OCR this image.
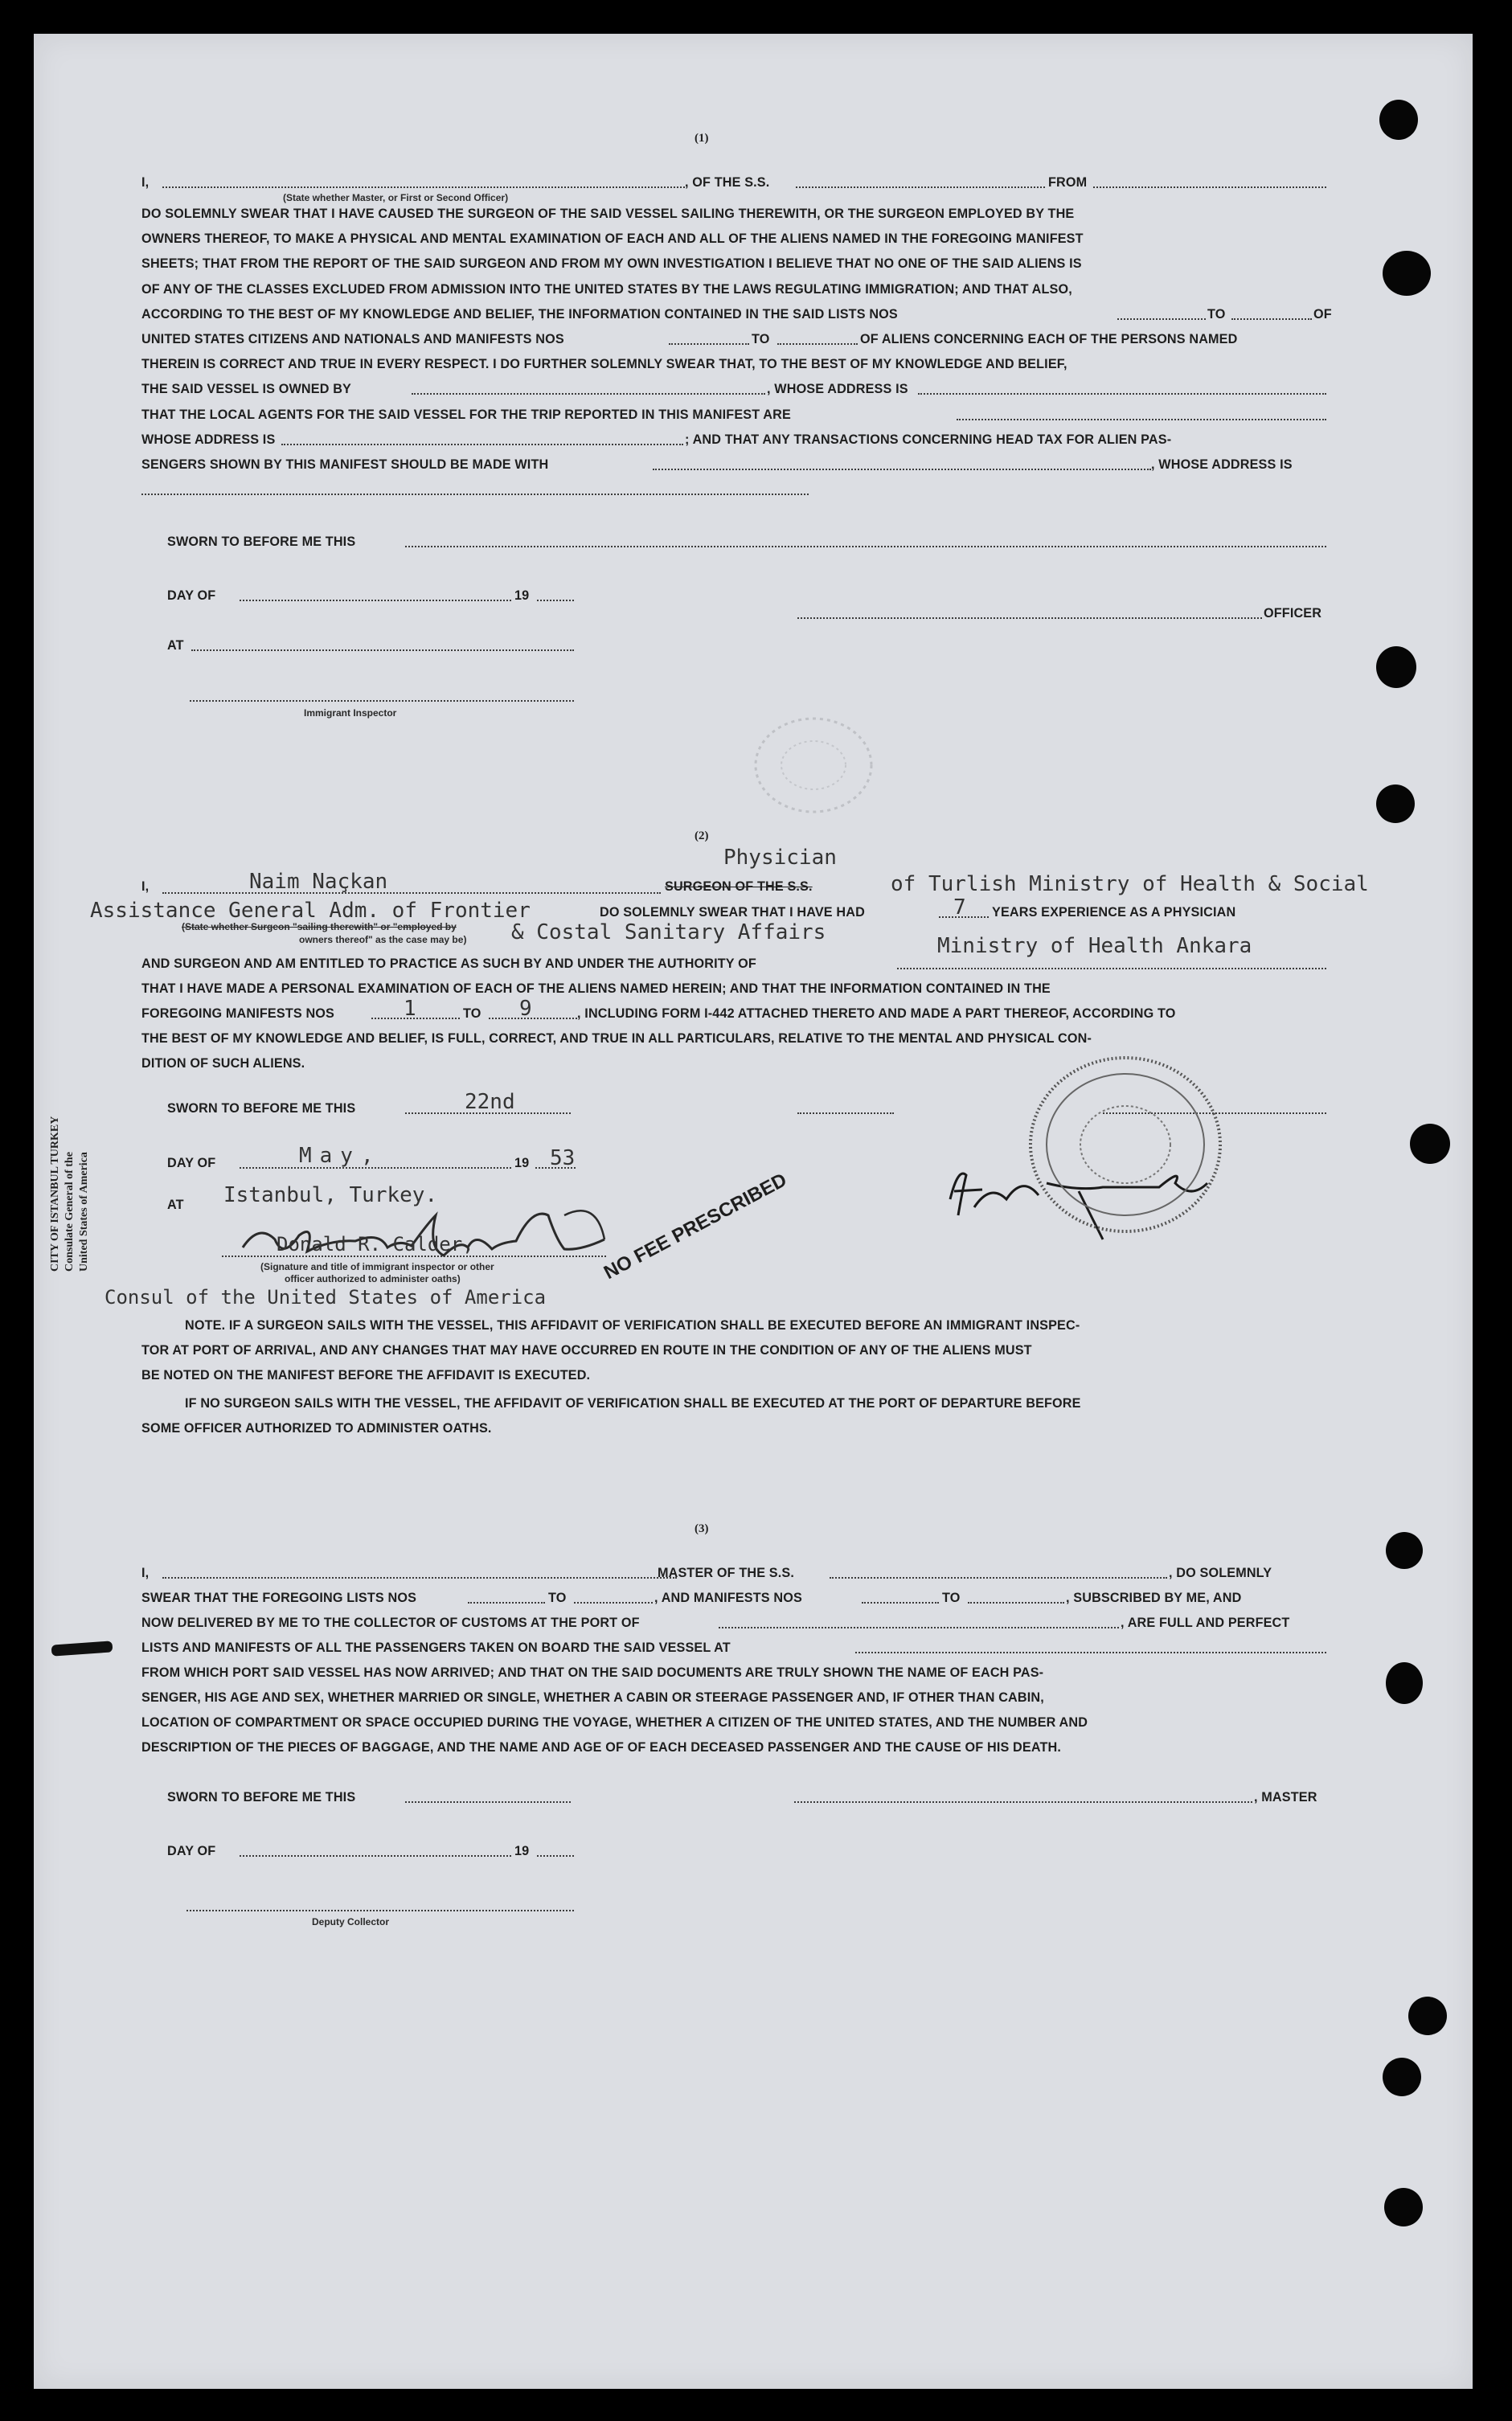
(1)
I,	, OF THE S.S.	FROM
(State whether Master, or First or Second Officer)
DO SOLEMNLY SWEAR THAT I HAVE CAUSED THE SURGEON OF THE SAID VESSEL SAILING THEREWITH, OR THE SURGEON EMPLOYED BY THE
OWNERS THEREOF, TO MAKE A PHYSICAL AND MENTAL EXAMINATION OF EACH AND ALL OF THE ALIENS NAMED IN THE FOREGOING MANIFEST
SHEETS; THAT FROM THE REPORT OF THE SAID SURGEON AND FROM MY OWN INVESTIGATION I BELIEVE THAT NO ONE OF THE SAID ALIENS IS
OF ANY OF THE CLASSES EXCLUDED FROM ADMISSION INTO THE UNITED STATES BY THE LAWS REGULATING IMMIGRATION; AND THAT ALSO,
ACCORDING TO THE BEST OF MY KNOWLEDGE AND BELIEF, THE INFORMATION CONTAINED IN THE SAID LISTS NOS	TO	OF
UNITED STATES CITIZENS AND NATIONALS AND MANIFESTS NOS	TO	OF ALIENS CONCERNING EACH OF THE PERSONS NAMED
THEREIN IS CORRECT AND TRUE IN EVERY RESPECT. I DO FURTHER SOLEMNLY SWEAR THAT, TO THE BEST OF MY KNOWLEDGE AND BELIEF,
THE SAID VESSEL IS OWNED BY	, WHOSE ADDRESS IS
THAT THE LOCAL AGENTS FOR THE SAID VESSEL FOR THE TRIP REPORTED IN THIS MANIFEST ARE
WHOSE ADDRESS IS	; AND THAT ANY TRANSACTIONS CONCERNING HEAD TAX FOR ALIEN PAS-
SENGERS SHOWN BY THIS MANIFEST SHOULD BE MADE WITH	, WHOSE ADDRESS IS
SWORN TO BEFORE ME THIS
DAY OF	19
OFFICER
AT
Immigrant Inspector
(2)
Physician
I,	Naim Naçkan	SURGEON OF THE S.S.	of Turlish Ministry of Health & Social
Assistance General Adm. of Frontier	DO SOLEMNLY SWEAR THAT I HAVE HAD	7 YEARS EXPERIENCE AS A PHYSICIAN
(State whether Surgeon "sailing therewith" or "employed by
owners thereof" as the case may be) & Costal Sanitary Affairs
AND SURGEON AND AM ENTITLED TO PRACTICE AS SUCH BY AND UNDER THE AUTHORITY OF
Ministry of Health Ankara
THAT I HAVE MADE A PERSONAL EXAMINATION OF EACH OF THE ALIENS NAMED HEREIN; AND THAT THE INFORMATION CONTAINED IN THE
FOREGOING MANIFESTS NOS	1	TO 9	, INCLUDING FORM I-442 ATTACHED THERETO AND MADE A PART THEREOF, ACCORDING TO
THE BEST OF MY KNOWLEDGE AND BELIEF, IS FULL, CORRECT, AND TRUE IN ALL PARTICULARS, RELATIVE TO THE MENTAL AND PHYSICAL CON-
DITION OF SUCH ALIENS.
SWORN TO BEFORE ME THIS	22nd
DAY OF	May,	19 53
AT Istanbul, Turkey.
Donald R. Calder,
(Signature and title of immigrant inspector or other
officer authorized to administer oaths)
Consul of the United States of America
NO FEE PRESCRIBED
CITY OF ISTANBUL TURKEY Consulate General of the United States of America
NOTE. IF A SURGEON SAILS WITH THE VESSEL, THIS AFFIDAVIT OF VERIFICATION SHALL BE EXECUTED BEFORE AN IMMIGRANT INSPEC-
TOR AT PORT OF ARRIVAL, AND ANY CHANGES THAT MAY HAVE OCCURRED EN ROUTE IN THE CONDITION OF ANY OF THE ALIENS MUST
BE NOTED ON THE MANIFEST BEFORE THE AFFIDAVIT IS EXECUTED.
IF NO SURGEON SAILS WITH THE VESSEL, THE AFFIDAVIT OF VERIFICATION SHALL BE EXECUTED AT THE PORT OF DEPARTURE BEFORE
SOME OFFICER AUTHORIZED TO ADMINISTER OATHS.
(3)
I,	MASTER OF THE S.S.	, DO SOLEMNLY
SWEAR THAT THE FOREGOING LISTS NOS	TO	, AND MANIFESTS NOS	TO	, SUBSCRIBED BY ME, AND
NOW DELIVERED BY ME TO THE COLLECTOR OF CUSTOMS AT THE PORT OF	, ARE FULL AND PERFECT
LISTS AND MANIFESTS OF ALL THE PASSENGERS TAKEN ON BOARD THE SAID VESSEL AT
FROM WHICH PORT SAID VESSEL HAS NOW ARRIVED; AND THAT ON THE SAID DOCUMENTS ARE TRULY SHOWN THE NAME OF EACH PAS-
SENGER, HIS AGE AND SEX, WHETHER MARRIED OR SINGLE, WHETHER A CABIN OR STEERAGE PASSENGER AND, IF OTHER THAN CABIN,
LOCATION OF COMPARTMENT OR SPACE OCCUPIED DURING THE VOYAGE, WHETHER A CITIZEN OF THE UNITED STATES, AND THE NUMBER AND
DESCRIPTION OF THE PIECES OF BAGGAGE, AND THE NAME AND AGE OF OF EACH DECEASED PASSENGER AND THE CAUSE OF HIS DEATH.
SWORN TO BEFORE ME THIS	, MASTER
DAY OF	19
Deputy Collector
